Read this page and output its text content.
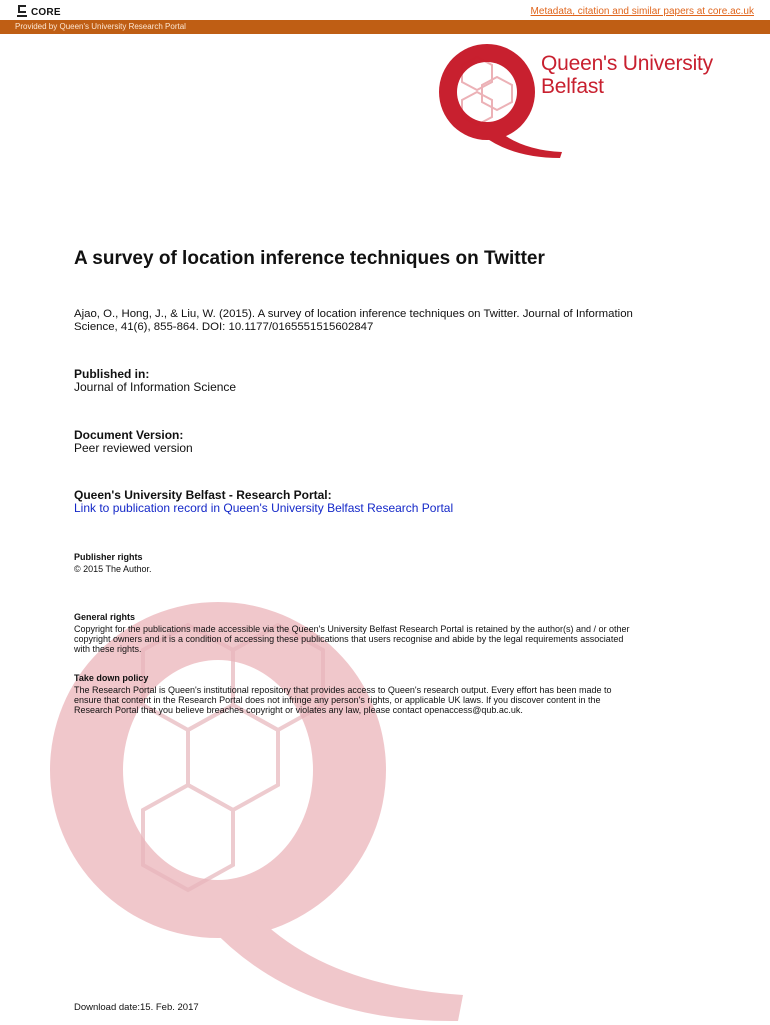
CORE	Metadata, citation and similar papers at core.ac.uk
Provided by Queen's University Research Portal
Queen's University
Belfast
A survey of location inference techniques on Twitter
Ajao, O., Hong, J., & Liu, W. (2015). A survey of location inference techniques on Twitter. Journal of Information
Science, 41(6), 855-864. DOI: 10.1177/0165551515602847
Published in:
Journal of Information Science
Document Version:
Peer reviewed version
Queen's University Belfast - Research Portal:
Link to publication record in Queen's University Belfast Research Portal
Publisher rights
© 2015 The Author.
General rights
Copyright for the publications made accessible via the Queen's University Belfast Research Portal is retained by the author(s) and / or other
copyright owners and it is a condition of accessing these publications that users recognise and abide by the legal requirements associated
with these rights.
Take down policy
The Research Portal is Queen's institutional repository that provides access to Queen's research output. Every effort has been made to
ensure that content in the Research Portal does not infringe any person's rights, or applicable UK laws. If you discover content in the
Research Portal that you believe breaches copyright or violates any law, please contact openaccess@qub.ac.uk.
Download date:15. Feb. 2017
